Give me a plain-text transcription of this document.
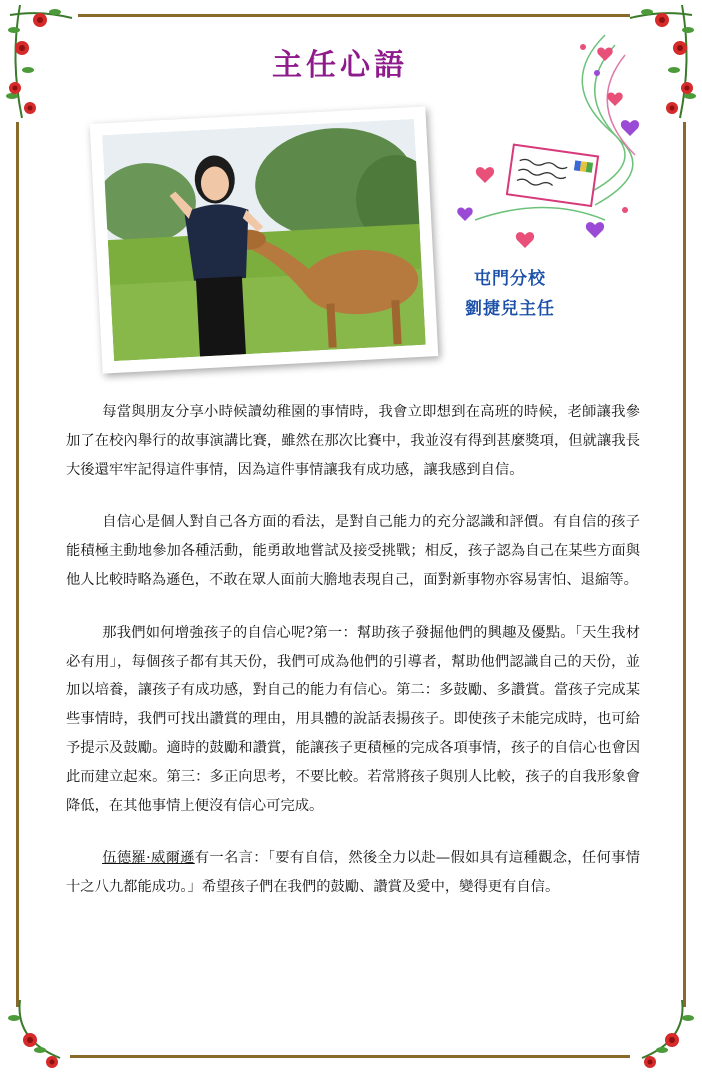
主任心語
屯門分校
劉捷兒主任

每當與朋友分享小時候讀幼稚園的事情時，我會立即想到在高班的時候，老師讓我參加了在校內舉行的故事演講比賽，雖然在那次比賽中，我並沒有得到甚麼獎項，但就讓我長大後還牢牢記得這件事情，因為這件事情讓我有成功感，讓我感到自信。

自信心是個人對自己各方面的看法，是對自己能力的充分認識和評價。有自信的孩子能積極主動地參加各種活動，能勇敢地嘗試及接受挑戰；相反，孩子認為自己在某些方面與他人比較時略為遜色，不敢在眾人面前大膽地表現自己，面對新事物亦容易害怕、退縮等。

那我們如何增強孩子的自信心呢?第一：幫助孩子發掘他們的興趣及優點。「天生我材必有用」，每個孩子都有其天份，我們可成為他們的引導者，幫助他們認識自己的天份，並加以培養，讓孩子有成功感，對自己的能力有信心。第二：多鼓勵、多讚賞。當孩子完成某些事情時，我們可找出讚賞的理由，用具體的說話表揚孩子。即使孩子未能完成時，也可給予提示及鼓勵。適時的鼓勵和讚賞，能讓孩子更積極的完成各項事情，孩子的自信心也會因此而建立起來。第三：多正向思考，不要比較。若常將孩子與別人比較，孩子的自我形象會降低，在其他事情上便沒有信心可完成。

伍德羅·威爾遜有一名言：「要有自信，然後全力以赴—假如具有這種觀念，任何事情十之八九都能成功。」希望孩子們在我們的鼓勵、讚賞及愛中，變得更有自信。
